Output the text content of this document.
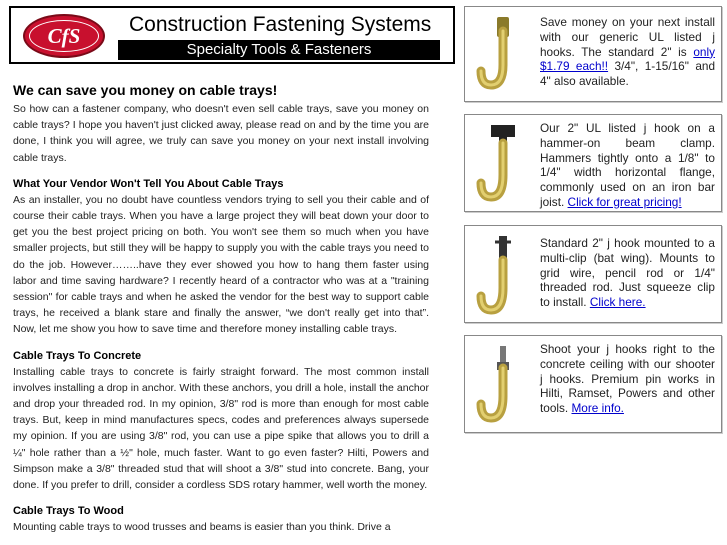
CfS	Construction Fastening Systems
Specialty Tools & Fasteners
We can save you money on cable trays!

So how can a fastener company, who doesn't even sell cable trays, save you money on cable trays? I hope you haven't just clicked away, please read on and by the time you are done, I think you will agree, we truly can save you money on your next install involving cable trays.

What Your Vendor Won't Tell You About Cable Trays

As an installer, you no doubt have countless vendors trying to sell you their cable and of course their cable trays. When you have a large project they will beat down your door to get you the best project pricing on both. You won't see them so much when you have smaller projects, but still they will be happy to supply you with the cable trays you need to do the job. However……..have they ever showed you how to hang them faster using labor and time saving hardware? I recently heard of a contractor who was at a "training session" for cable trays and when he asked the vendor for the best way to support cable trays, he received a blank stare and finally the answer, “we don't really get into that”. Now, let me show you how to save time and therefore money installing cable trays.

Cable Trays To Concrete

Installing cable trays to concrete is fairly straight forward. The most common install involves installing a drop in anchor. With these anchors, you drill a hole, install the anchor and drop your threaded rod. In my opinion, 3/8" rod is more than enough for most cable trays. But, keep in mind manufactures specs, codes and preferences always supersede my opinion. If you are using 3/8" rod, you can use a pipe spike that allows you to drill a ¼" hole rather than a ½" hole, much faster. Want to go even faster? Hilti, Powers and Simpson make a 3/8" threaded stud that will shoot a 3/8" stud into concrete. Bang, your done. If you prefer to drill, consider a cordless SDS rotary hammer, well worth the money.

Cable Trays To Wood

Mounting cable trays to wood trusses and beams is easier than you think. Drive a

Save money on your next install with our generic UL listed j hooks. The standard 2" is only $1.79 each!! 3/4", 1-15/16" and 4" also available.
Our 2" UL listed j hook on a hammer-on beam clamp. Hammers tightly onto a 1/8" to 1/4" width horizontal flange, commonly used on an iron bar joist. Click for great pricing!
Standard 2" j hook mounted to a multi-clip (bat wing). Mounts to grid wire, pencil rod or 1/4" threaded rod. Just squeeze clip to install. Click here.
Shoot your j hooks right to the concrete ceiling with our shooter j hooks. Premium pin works in Hilti, Ramset, Powers and other tools. More info.
